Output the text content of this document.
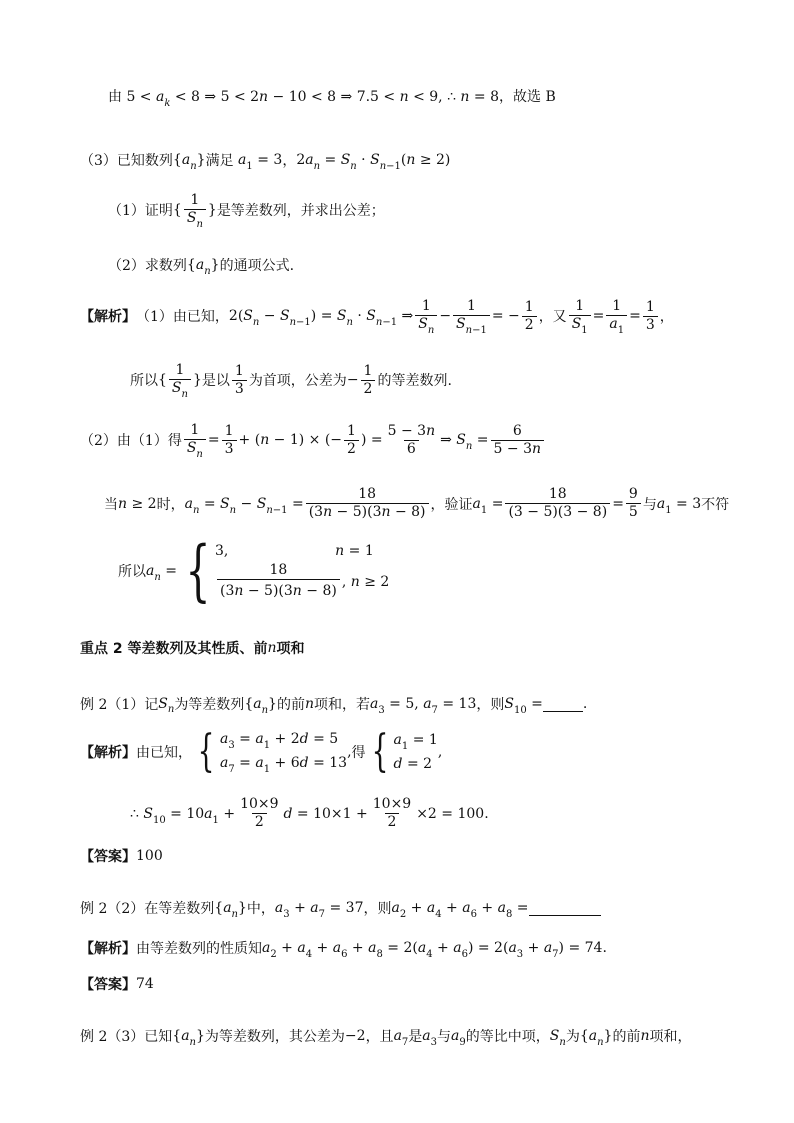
由 $5 < a_k < 8$ ⇒ 5 < 2n − 10 < 8 ⇒ 7.5 < n < 9, ∴ n = 8 ，故选 B
（3）已知数列 $\{a_n\}$ 满足 $a_1 = 3$ ， $2a_n = S_n \cdot S_{n-1}(n \ge 2)$
（1）证明 { $\frac{1}{S_n}$ } 是等差数列，并求出公差；
（2）求数列 $\{a_n\}$ 的通项公式.
【解析】 （1）由已知， $2(S_n - S_{n-1}) = S_n \cdot S_{n-1}$ ⇒ $\frac{1}{S_n} - \frac{1}{S_{n-1}}$ = − $\frac{1}{2}$ ，又 $\frac{1}{S_1} = \frac{1}{a_1} = \frac{1}{3}$ ，
所以 { $\frac{1}{S_n}$ } 是以 $\frac{1}{3}$ 为首项，公差为 − $\frac{1}{2}$ 的等差数列.
（2）由（1）得 $\frac{1}{S_n} = \frac{1}{3} + (n - 1)$ × (− $\frac{1}{2}$ ) = $\frac{5 - 3n}{6}$ ⇒ $S_n = \frac{6}{5 - 3n}$
当 n ≥ 2 时， $a_n = S_n - S_{n-1} = \frac{18}{(3n - 5)(3n - 8)}$ ，验证 $a_1 = \frac{18}{(3 - 5)(3 - 8)} = \frac{9}{5}$ 与 $a_1 = 3$ 不符
所以 $a_n$ = { 3,                        n = 1
$\frac{18}{(3n - 5)(3n - 8)}$ , n ≥ 2
重点 2 等差数列及其性质、前 n 项和
例 2（1）记 S n 为等差数列 $\{a_n\}$ 的前 n 项和，若 $a_3 = 5$, $a_7 = 13$ ，则 $S_{10}$ =	.
【解析】 由已知， { $a_3 = a_1 + 2d = 5$
$a_7 = a_1 + 6d = 13$
, 得 { $a_1 = 1$
d = 2
,
∴ $S_{10} = 10a_1 + \frac{10\times 9}{2}$ $d = 10\times 1 + \frac{10\times 9}{2} \times 2 = 100$.
【答案】 100
例 2（2）在等差数列 $\{a_n\}$ 中， $a_3 + a_7 = 37$ ，则 $a_2 + a_4 + a_6 + a_8$ =
【解析】 由等差数列的性质知 $a_2 + a_4 + a_6 + a_8 = 2(a_4 + a_6) = 2(a_3 + a_7) = 74$.
【答案】 74
例 2（3）已知 $\{a_n\}$ 为等差数列，其公差为 −2 ，且 $a_7$ 是 $a_3$ 与 $a_9$ 的等比中项， $S_n$ 为 $\{a_n\}$ 的前 n 项和，
